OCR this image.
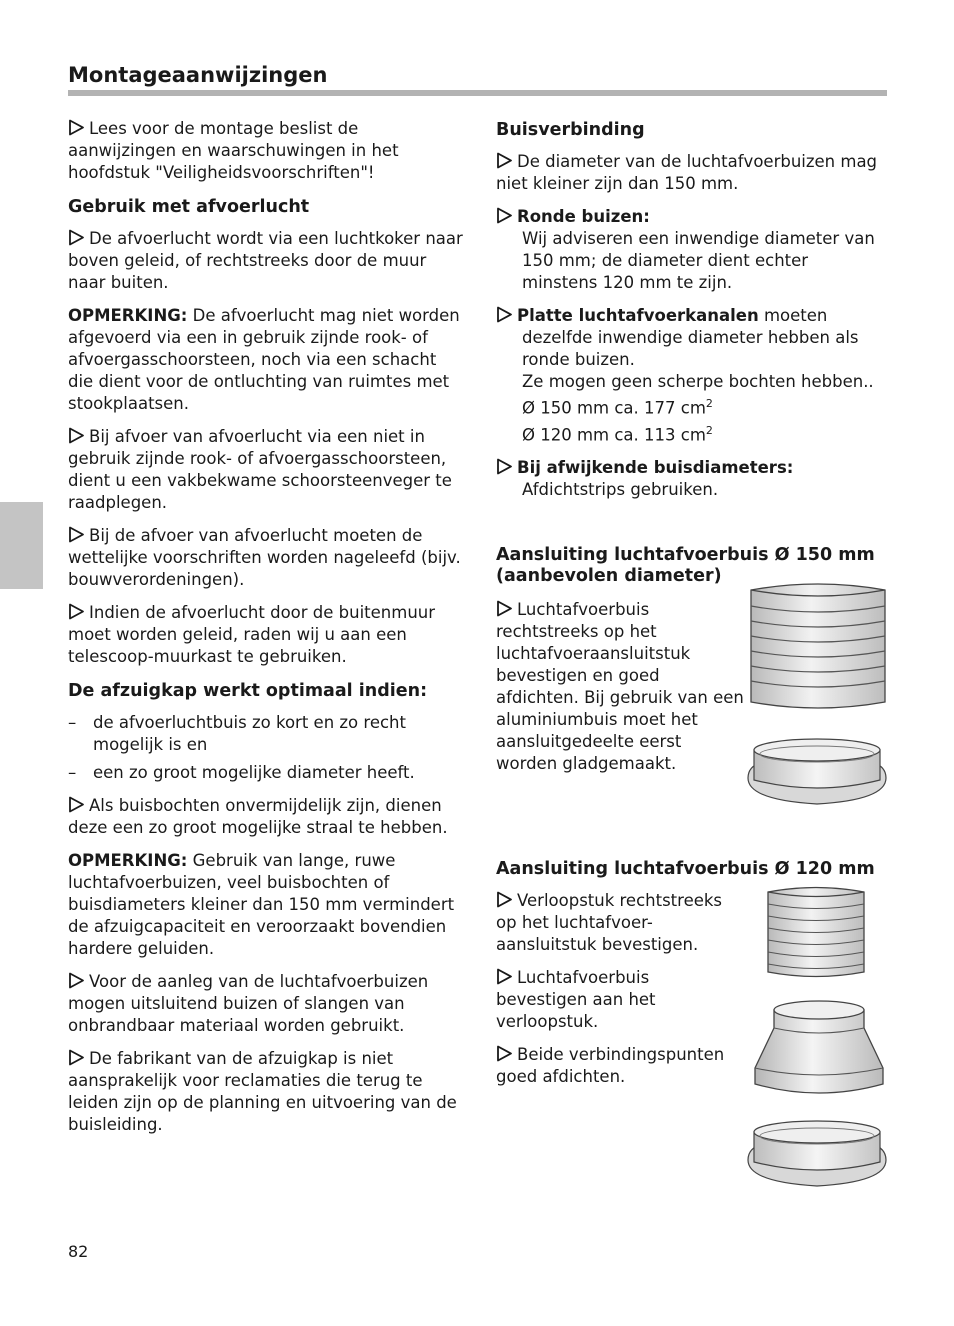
Montageaanwijzingen

Lees voor de montage beslist de aanwijzingen en waarschuwingen in het hoofdstuk "Veiligheidsvoorschriften"!

Gebruik met afvoerlucht

De afvoerlucht wordt via een luchtkoker naar boven geleid, of rechtstreeks door de muur naar buiten.

OPMERKING: De afvoerlucht mag niet worden afgevoerd via een in gebruik zijnde rook- of afvoergasschoorsteen, noch via een schacht die dient voor de ontluchting van ruimtes met stookplaatsen.

Bij afvoer van afvoerlucht via een niet in gebruik zijnde rook- of afvoergasschoorsteen, dient u een vakbekwame schoorsteenveger te raadplegen.

Bij de afvoer van afvoerlucht moeten de wettelijke voorschriften worden nageleefd (bijv. bouwverordeningen).

Indien de afvoerlucht door de buitenmuur moet worden geleid, raden wij u aan een telescoop-muurkast te gebruiken.

De afzuigkap werkt optimaal indien:

– de afvoerluchtbuis zo kort en zo recht mogelijk is en

– een zo groot mogelijke diameter heeft.

Als buisbochten onvermijdelijk zijn, dienen deze een zo groot mogelijke straal te hebben.

OPMERKING: Gebruik van lange, ruwe luchtafvoerbuizen, veel buisbochten of buisdiameters kleiner dan 150 mm vermindert de afzuigcapaciteit en veroorzaakt bovendien hardere geluiden.

Voor de aanleg van de luchtafvoerbuizen mogen uitsluitend buizen of slangen van onbrandbaar materiaal worden gebruikt.

De fabrikant van de afzuigkap is niet aansprakelijk voor reclamaties die terug te leiden zijn op de planning en uitvoering van de buisleiding.

Buisverbinding

De diameter van de luchtafvoerbuizen mag niet kleiner zijn dan 150 mm.

Ronde buizen:
Wij adviseren een inwendige diameter van 150 mm; de diameter dient echter minstens 120 mm te zijn.

Platte luchtafvoerkanalen moeten dezelfde inwendige diameter hebben als ronde buizen.
Ze mogen geen scherpe bochten hebben..
Ø 150 mm ca. 177 $cm^2$
Ø 120 mm ca. 113 $cm^2$

Bij afwijkende buisdiameters:
Afdichtstrips gebruiken.

Aansluiting luchtafvoerbuis Ø 150 mm
(aanbevolen diameter)

Luchtafvoerbuis rechtstreeks op het luchtafvoeraansluitstuk bevestigen en goed afdichten. Bij gebruik van een aluminiumbuis moet het aansluitgedeelte eerst worden gladgemaakt.

Aansluiting luchtafvoerbuis Ø 120 mm

Verloopstuk rechtstreeks op het luchtafvoer-aansluitstuk bevestigen.

Luchtafvoerbuis bevestigen aan het verloopstuk.

Beide verbindingspunten goed afdichten.

82
